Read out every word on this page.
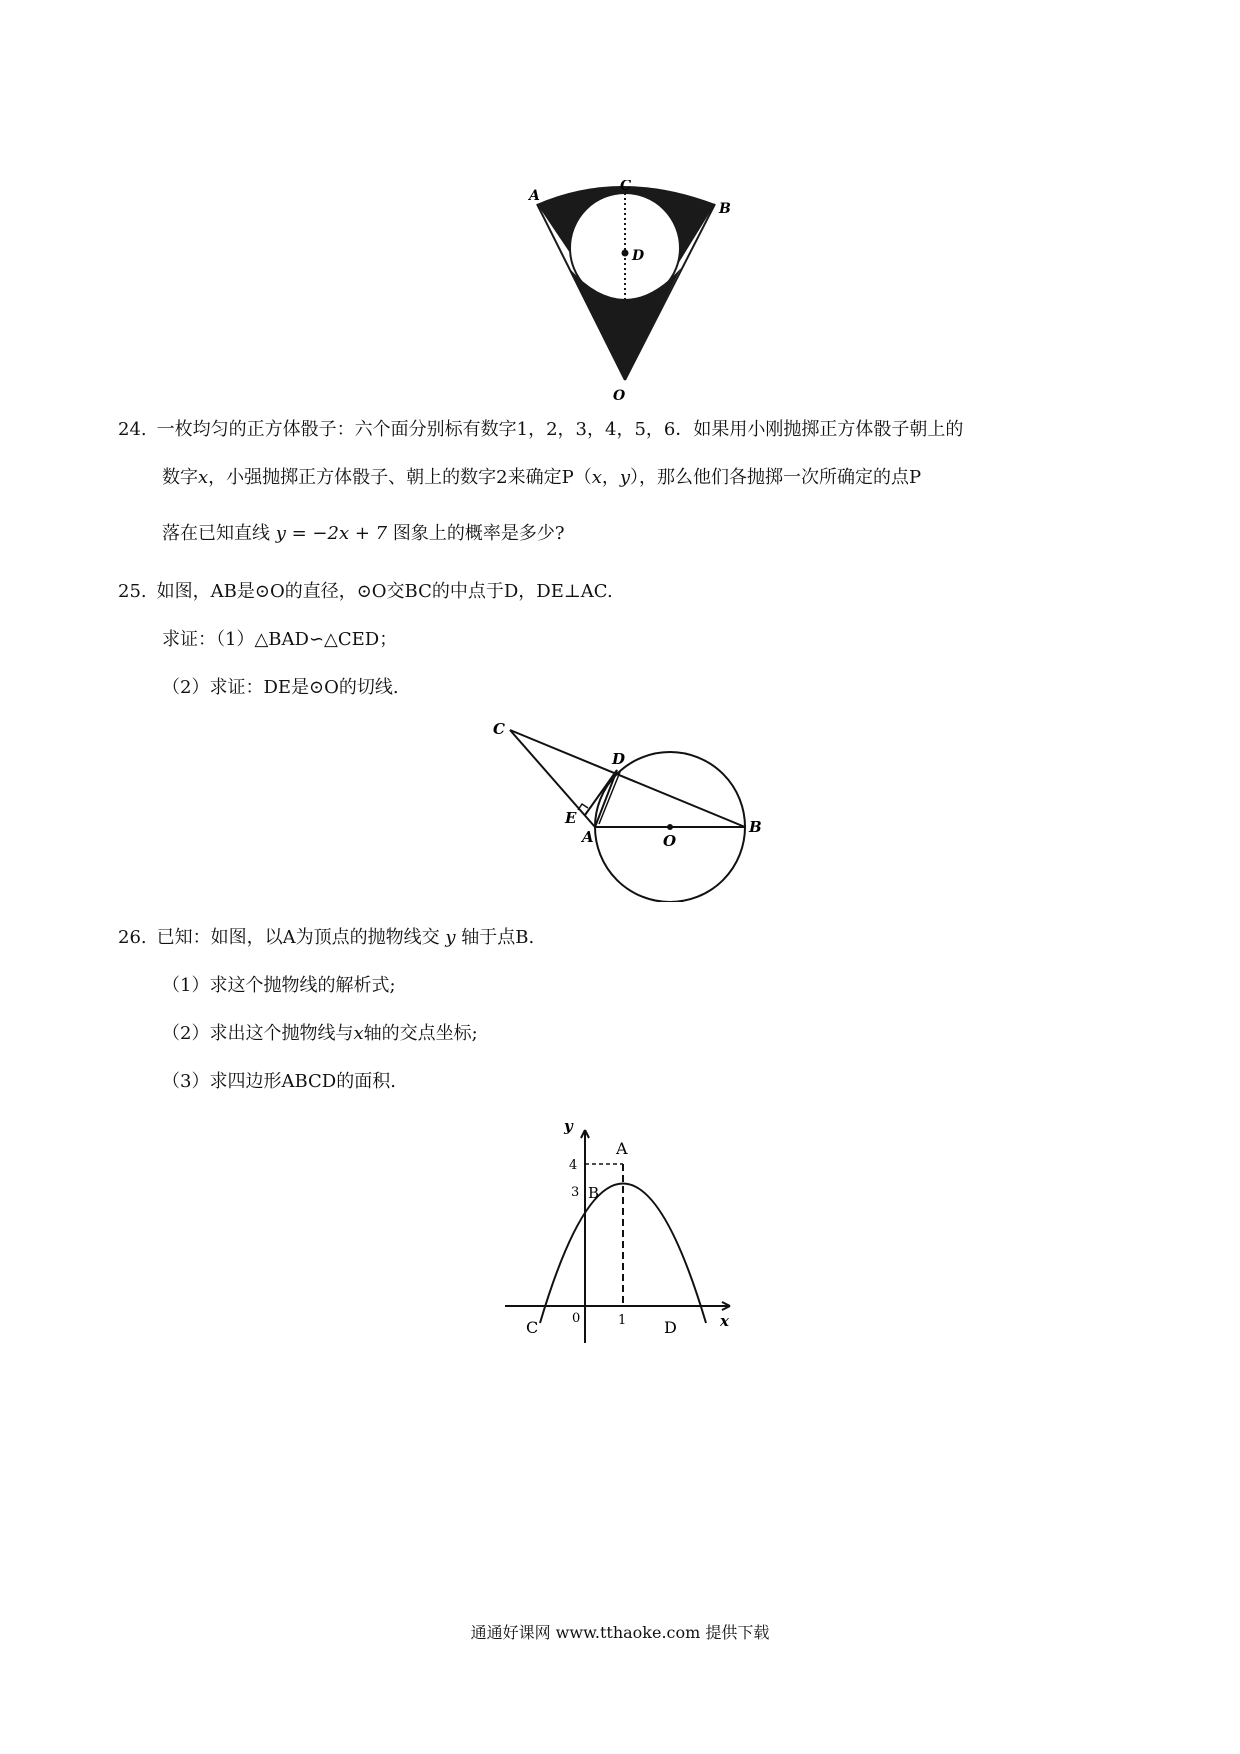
A
B
C
D
O
24. 一枚均匀的正方体骰子：六个面分别标有数字1，2，3，4，5，6．如果用小刚抛掷正方体骰子朝上的
数字x，小强抛掷正方体骰子、朝上的数字2来确定P（x，y），那么他们各抛掷一次所确定的点P
落在已知直线 y = −2x + 7 图象上的概率是多少?
25. 如图，AB是⊙O的直径，⊙O交BC的中点于D，DE⊥AC.
求证：（1）△BAD∽△CED；
（2）求证：DE是⊙O的切线.
C
D
E
A	O
B
26. 已知：如图，以A为顶点的抛物线交 y 轴于点B.
（1）求这个抛物线的解析式;
（2）求出这个抛物线与x轴的交点坐标;
（3）求四边形ABCD的面积.
y
x
A
B
C	D
4
3
0	1
通通好课网 www.tthaoke.com 提供下载
